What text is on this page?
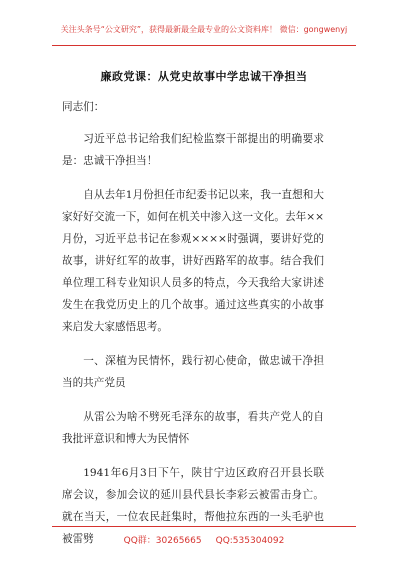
关注头条号“公文研究”，获得最新最全最专业的公文资料库！ 微信：gongwenyj
廉政党课：从党史故事中学忠诚干净担当

同志们：

习近平总书记给我们纪检监察干部提出的明确要求是：忠诚干净担当！

自从去年1月份担任市纪委书记以来，我一直想和大家好好交流一下，如何在机关中渗入这一文化。去年××月份，习近平总书记在参观××××时强调，要讲好党的故事，讲好红军的故事，讲好西路军的故事。结合我们单位理工科专业知识人员多的特点，今天我给大家讲述发生在我党历史上的几个故事。通过这些真实的小故事来启发大家感悟思考。

一、深植为民情怀，践行初心使命，做忠诚干净担当的共产党员

从雷公为啥不劈死毛泽东的故事，看共产党人的自我批评意识和博大为民情怀

1941年6月3日下午，陕甘宁边区政府召开县长联席会议，参加会议的延川县代县长李彩云被雷击身亡。就在当天，一位农民赶集时，帮他拉东西的一头毛驴也被雷劈	QQ群：30265665 QQ:535304092
